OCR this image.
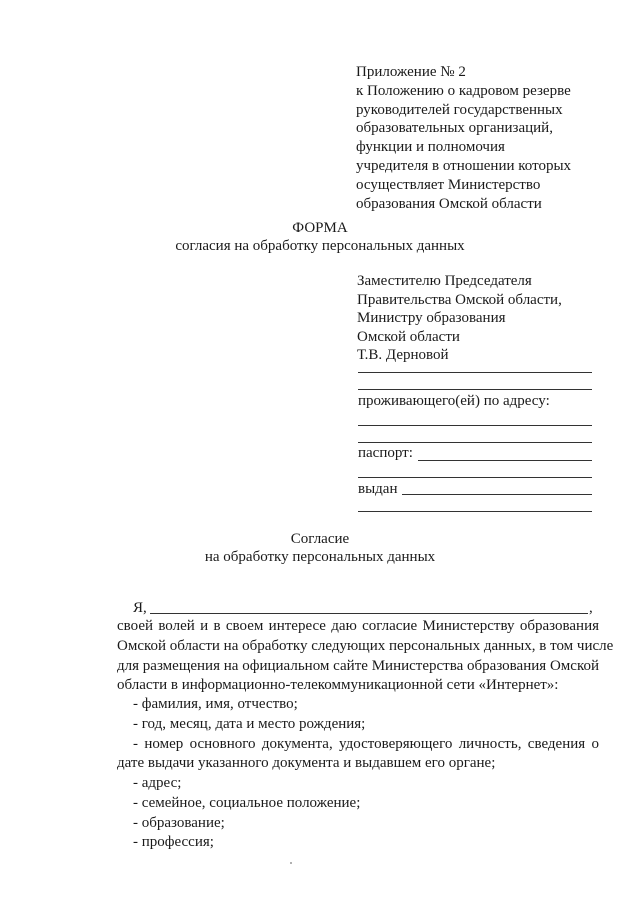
Приложение № 2
к Положению о кадровом резерве
руководителей государственных
образовательных организаций,
функции и полномочия
учредителя в отношении которых
осуществляет Министерство
образования Омской области
ФОРМА
согласия на обработку персональных данных
Заместителю Председателя
Правительства Омской области,
Министру образования
Омской области
Т.В. Дерновой
проживающего(ей) по адресу:
паспорт:
выдан
Согласие
на обработку персональных данных
Я,	,
своей волей и в своем интересе даю согласие Министерству образования
Омской области на обработку следующих персональных данных, в том числе
для размещения на официальном сайте Министерства образования Омской
области в информационно-телекоммуникационной сети «Интернет»:
- фамилия, имя, отчество;
- год, месяц, дата и место рождения;
- номер основного документа, удостоверяющего личность, сведения о
дате выдачи указанного документа и выдавшем его органе;
- адрес;
- семейное, социальное положение;
- образование;
- профессия;
